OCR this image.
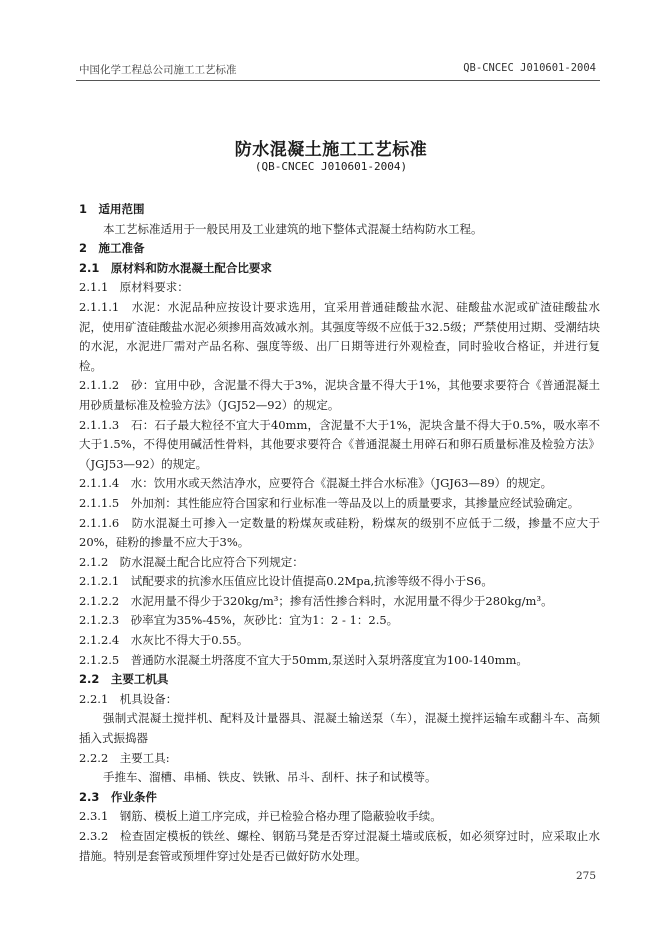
中国化学工程总公司施工工艺标准	QB-CNCEC J010601-2004
防水混凝土施工工艺标准
(QB-CNCEC J010601-2004)

1　适用范围

本工艺标准适用于一般民用及工业建筑的地下整体式混凝土结构防水工程。

2　施工准备

2.1　原材料和防水混凝土配合比要求

2.1.1　原材料要求：

2.1.1.1　水泥：水泥品种应按设计要求选用，宜采用普通硅酸盐水泥、硅酸盐水泥或矿渣硅酸盐水泥，使用矿渣硅酸盐水泥必须掺用高效减水剂。其强度等级不应低于32.5级；严禁使用过期、受潮结块的水泥，水泥进厂需对产品名称、强度等级、出厂日期等进行外观检查，同时验收合格证，并进行复检。

2.1.1.2　砂：宜用中砂，含泥量不得大于3%，泥块含量不得大于1%，其他要求要符合《普通混凝土用砂质量标准及检验方法》（JGJ52—92）的规定。

2.1.1.3　石：石子最大粒径不宜大于40mm，含泥量不大于1%，泥块含量不得大于0.5%，吸水率不大于1.5%，不得使用碱活性骨料，其他要求要符合《普通混凝土用碎石和卵石质量标准及检验方法》（JGJ53—92）的规定。

2.1.1.4　水：饮用水或天然洁净水，应要符合《混凝土拌合水标准》（JGJ63—89）的规定。

2.1.1.5　外加剂：其性能应符合国家和行业标准一等品及以上的质量要求，其掺量应经试验确定。

2.1.1.6　防水混凝土可掺入一定数量的粉煤灰或硅粉，粉煤灰的级别不应低于二级，掺量不应大于20%，硅粉的掺量不应大于3%。

2.1.2　防水混凝土配合比应符合下列规定：

2.1.2.1　试配要求的抗渗水压值应比设计值提高0.2Mpa,抗渗等级不得小于S6。

2.1.2.2　水泥用量不得少于320kg/m³；掺有活性掺合料时，水泥用量不得少于280kg/m³。

2.1.2.3　砂率宜为35%-45%，灰砂比：宜为1：2 - 1：2.5。

2.1.2.4　水灰比不得大于0.55。

2.1.2.5　普通防水混凝土坍落度不宜大于50mm,泵送时入泵坍落度宜为100-140mm。

2.2　主要工机具

2.2.1　机具设备：

强制式混凝土搅拌机、配料及计量器具、混凝土输送泵（车），混凝土搅拌运输车或翻斗车、高频插入式振捣器

2.2.2　主要工具:

手推车、溜槽、串桶、铁皮、铁锹、吊斗、刮杆、抹子和试模等。

2.3　作业条件

2.3.1　钢筋、模板上道工序完成，并已检验合格办理了隐蔽验收手续。

2.3.2　检查固定模板的铁丝、螺栓、钢筋马凳是否穿过混凝土墙或底板，如必须穿过时，应采取止水措施。特别是套管或预埋件穿过处是否已做好防水处理。

275
